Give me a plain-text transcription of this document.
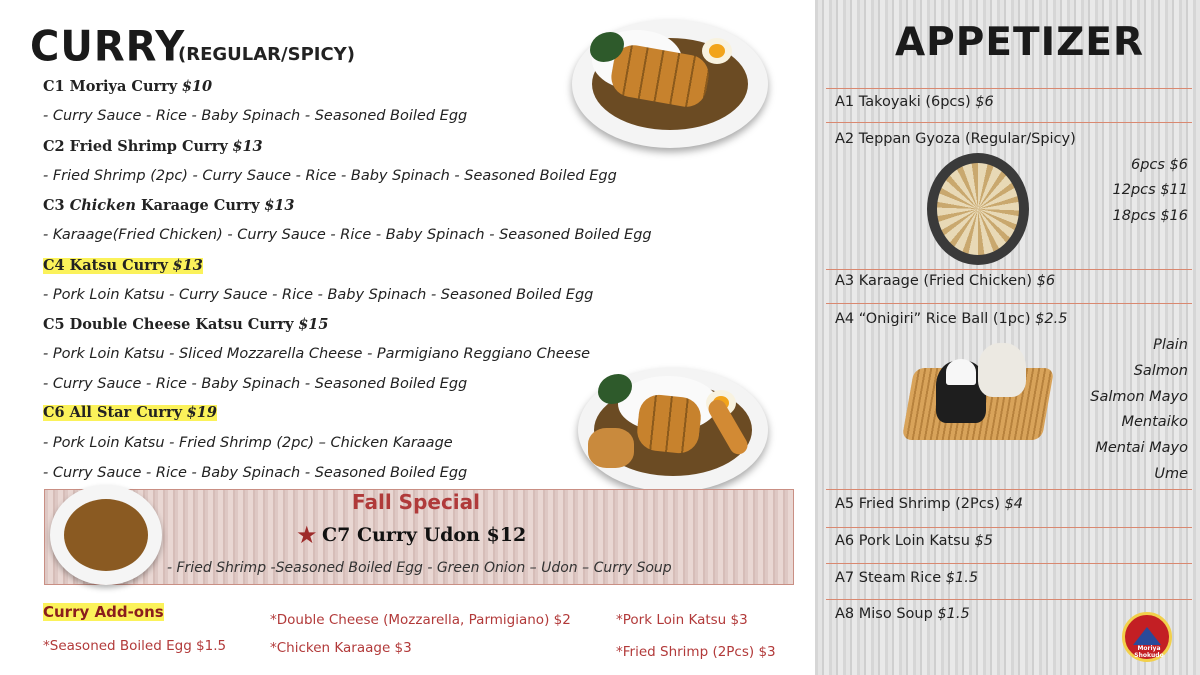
CURRY
(REGULAR/SPICY)
C1 Moriya Curry $10
- Curry Sauce - Rice - Baby Spinach - Seasoned Boiled Egg
C2 Fried Shrimp Curry $13
- Fried Shrimp (2pc) - Curry Sauce - Rice - Baby Spinach - Seasoned Boiled Egg
C3 Chicken Karaage Curry $13
- Karaage(Fried Chicken) - Curry Sauce - Rice - Baby Spinach - Seasoned Boiled Egg
C4 Katsu Curry $13
- Pork Loin Katsu - Curry Sauce - Rice - Baby Spinach - Seasoned Boiled Egg
C5 Double Cheese Katsu Curry $15
- Pork Loin Katsu - Sliced Mozzarella Cheese - Parmigiano Reggiano Cheese
- Curry Sauce - Rice - Baby Spinach - Seasoned Boiled Egg
C6 All Star Curry $19
- Pork Loin Katsu - Fried Shrimp (2pc) – Chicken Karaage
- Curry Sauce - Rice - Baby Spinach - Seasoned Boiled Egg
Fall Special
★ C7 Curry Udon $12
- Fried Shrimp -Seasoned Boiled Egg - Green Onion – Udon – Curry Soup
Curry Add-ons
*Seasoned Boiled Egg $1.5
*Double Cheese (Mozzarella, Parmigiano) $2
*Chicken Karaage $3
*Pork Loin Katsu $3
*Fried Shrimp (2Pcs) $3
APPETIZER
A1 Takoyaki (6pcs) $6
A2 Teppan Gyoza (Regular/Spicy)
6pcs $6
12pcs $11
18pcs $16
A3 Karaage (Fried Chicken) $6
A4 “Onigiri” Rice Ball (1pc) $2.5
Plain
Salmon
Salmon Mayo
Mentaiko
Mentai Mayo
Ume
A5 Fried Shrimp (2Pcs) $4
A6 Pork Loin Katsu $5
A7 Steam Rice $1.5
A8 Miso Soup $1.5
Moriya Shokudo
